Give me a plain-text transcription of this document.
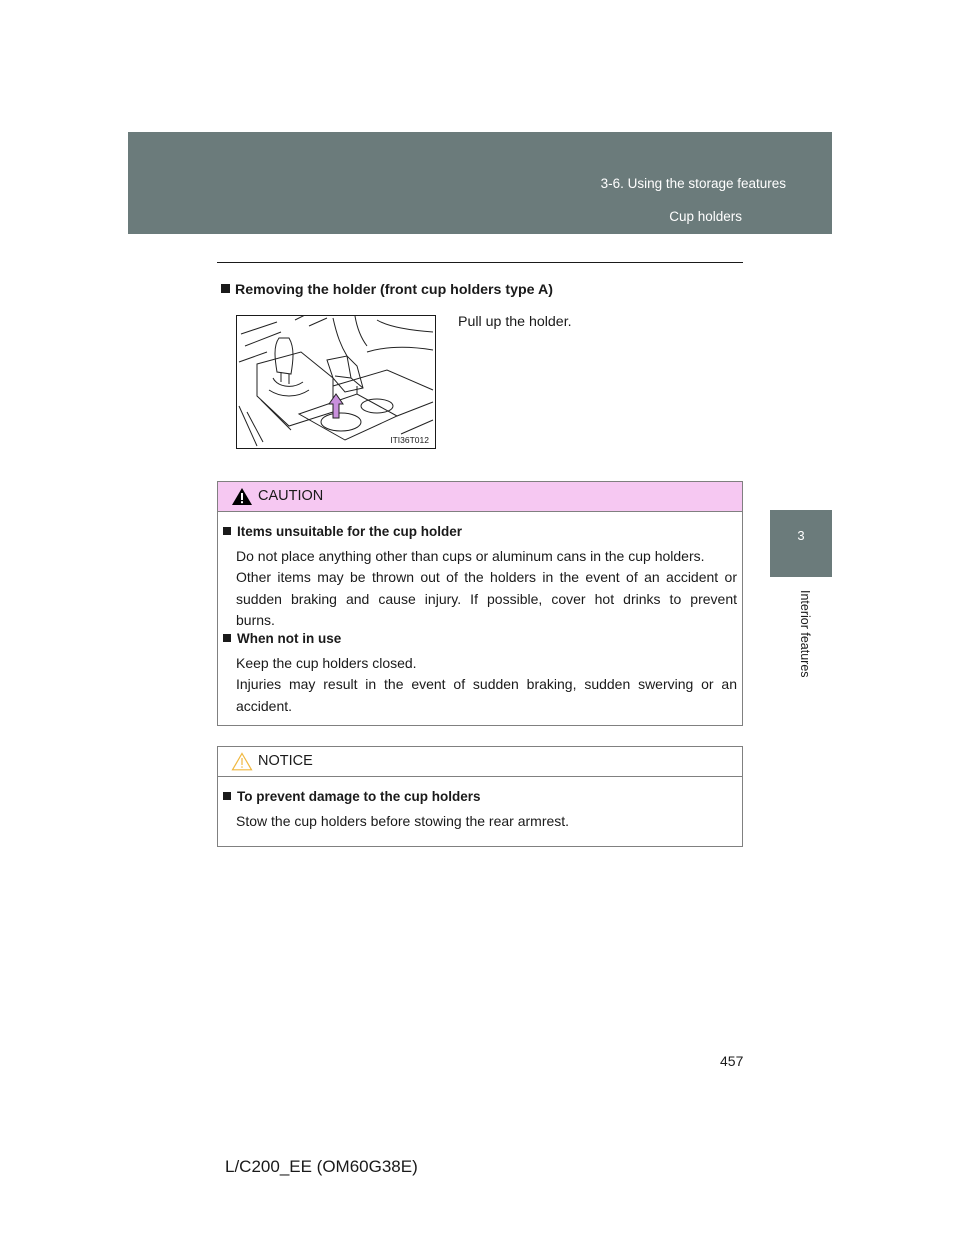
3-6. Using the storage features
Cup holders
3
Interior features
Removing the holder (front cup holders type A)
ITI36T012
Pull up the holder.
CAUTION
Items unsuitable for the cup holder
Do not place anything other than cups or aluminum cans in the cup holders.
Other items may be thrown out of the holders in the event of an accident or
sudden braking and cause injury. If possible, cover hot drinks to prevent
burns.
When not in use
Keep the cup holders closed.
Injuries may result in the event of sudden braking, sudden swerving or an
accident.
NOTICE
To prevent damage to the cup holders
Stow the cup holders before stowing the rear armrest.
457
L/C200_EE (OM60G38E)
